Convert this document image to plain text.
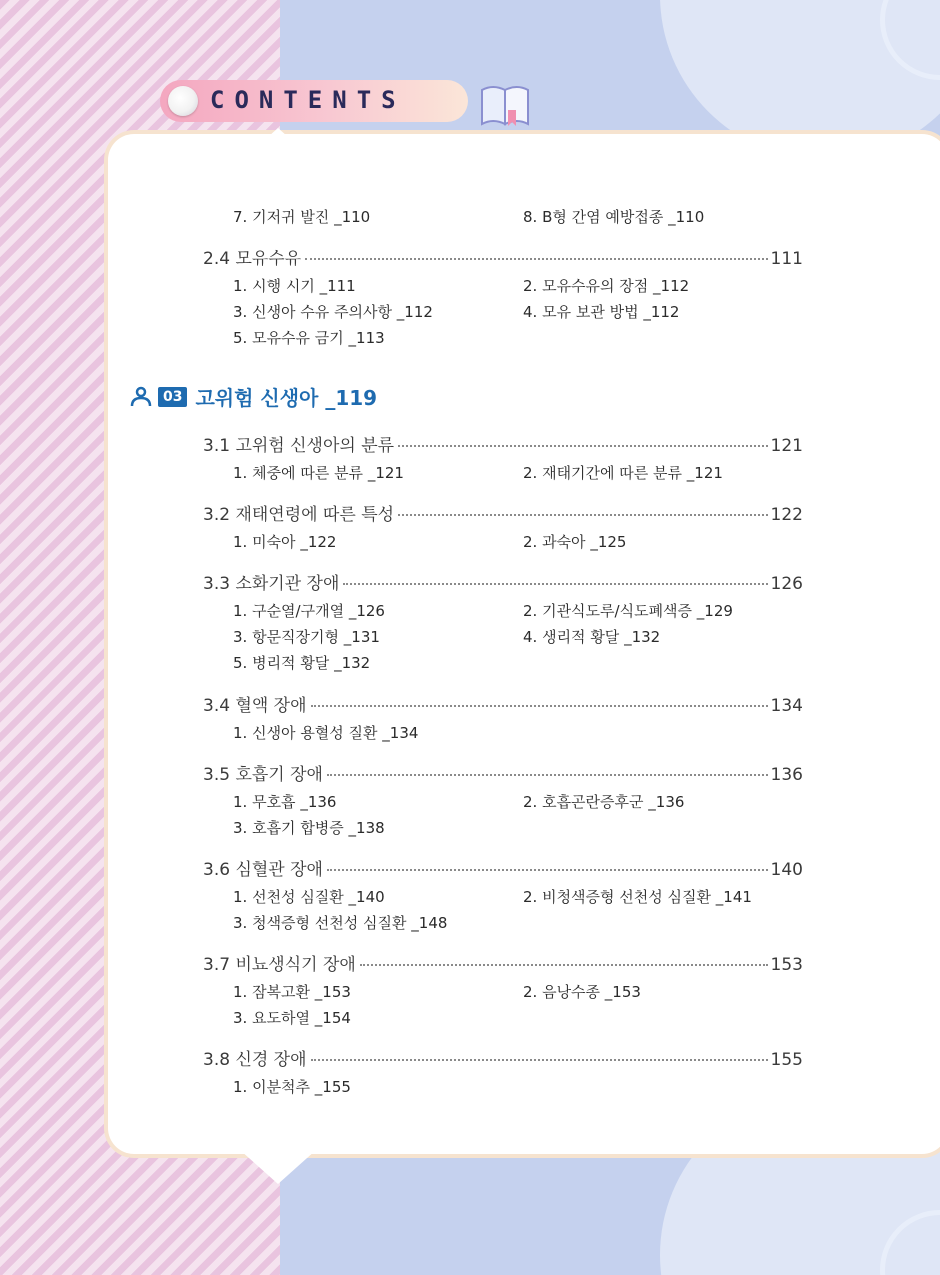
CONTENTS
7. 기저귀 발진 _110	8. B형 간염 예방접종 _110
2.4 모유수유	111
1. 시행 시기 _111	2. 모유수유의 장점 _112
3. 신생아 수유 주의사항 _112	4. 모유 보관 방법 _112
5. 모유수유 금기 _113
03 고위험 신생아 _119
3.1 고위험 신생아의 분류	121
1. 체중에 따른 분류 _121	2. 재태기간에 따른 분류 _121
3.2 재태연령에 따른 특성	122
1. 미숙아 _122	2. 과숙아 _125
3.3 소화기관 장애	126
1. 구순열/구개열 _126	2. 기관식도루/식도폐색증 _129
3. 항문직장기형 _131	4. 생리적 황달 _132
5. 병리적 황달 _132
3.4 혈액 장애	134
1. 신생아 용혈성 질환 _134
3.5 호흡기 장애	136
1. 무호흡 _136	2. 호흡곤란증후군 _136
3. 호흡기 합병증 _138
3.6 심혈관 장애	140
1. 선천성 심질환 _140	2. 비청색증형 선천성 심질환 _141
3. 청색증형 선천성 심질환 _148
3.7 비뇨생식기 장애	153
1. 잠복고환 _153	2. 음낭수종 _153
3. 요도하열 _154
3.8 신경 장애	155
1. 이분척추 _155
